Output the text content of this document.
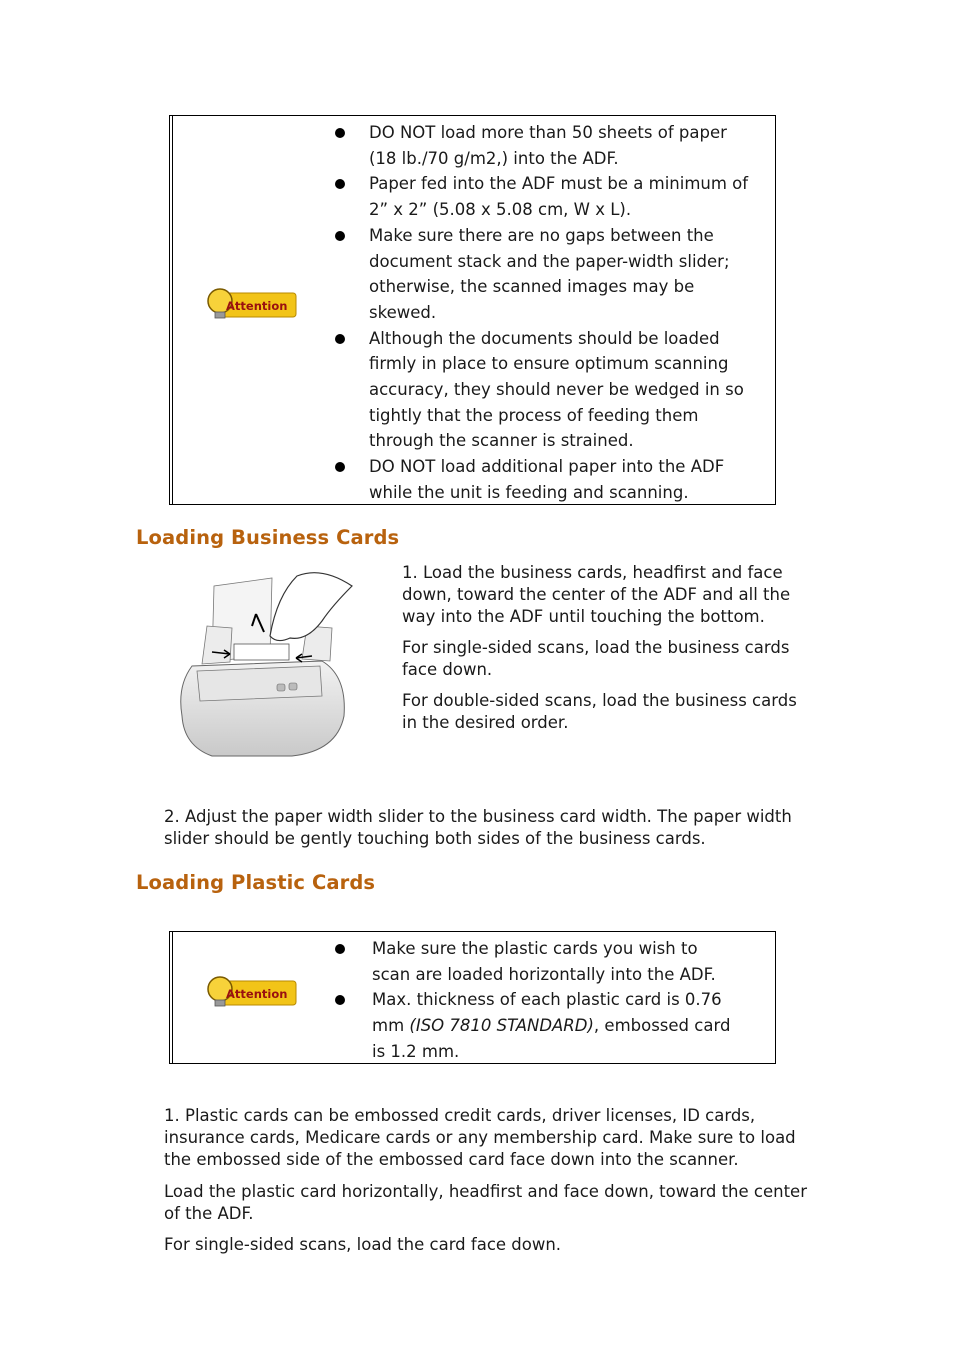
Attention
DO NOT load more than 50 sheets of paper (18 lb./70 g/m2,) into the ADF.
Paper fed into the ADF must be a minimum of 2” x 2” (5.08 x 5.08 cm, W x L).
Make sure there are no gaps between the document stack and the paper-width slider; otherwise, the scanned images may be skewed.
Although the documents should be loaded firmly in place to ensure optimum scanning accuracy, they should never be wedged in so tightly that the process of feeding them through the scanner is strained.
DO NOT load additional paper into the ADF while the unit is feeding and scanning.
Loading Business Cards

1. Load the business cards, headfirst and face down, toward the center of the ADF and all the way into the ADF until touching the bottom.

For single-sided scans, load the business cards face down.

For double-sided scans, load the business cards in the desired order.

2. Adjust the paper width slider to the business card width. The paper width slider should be gently touching both sides of the business cards.

Loading Plastic Cards
Attention
Make sure the plastic cards you wish to scan are loaded horizontally into the ADF.
Max. thickness of each plastic card is 0.76 mm (ISO 7810 STANDARD), embossed card is 1.2 mm.

1. Plastic cards can be embossed credit cards, driver licenses, ID cards, insurance cards, Medicare cards or any membership card. Make sure to load the embossed side of the embossed card face down into the scanner.

Load the plastic card horizontally, headfirst and face down, toward the center of the ADF.

For single-sided scans, load the card face down.
